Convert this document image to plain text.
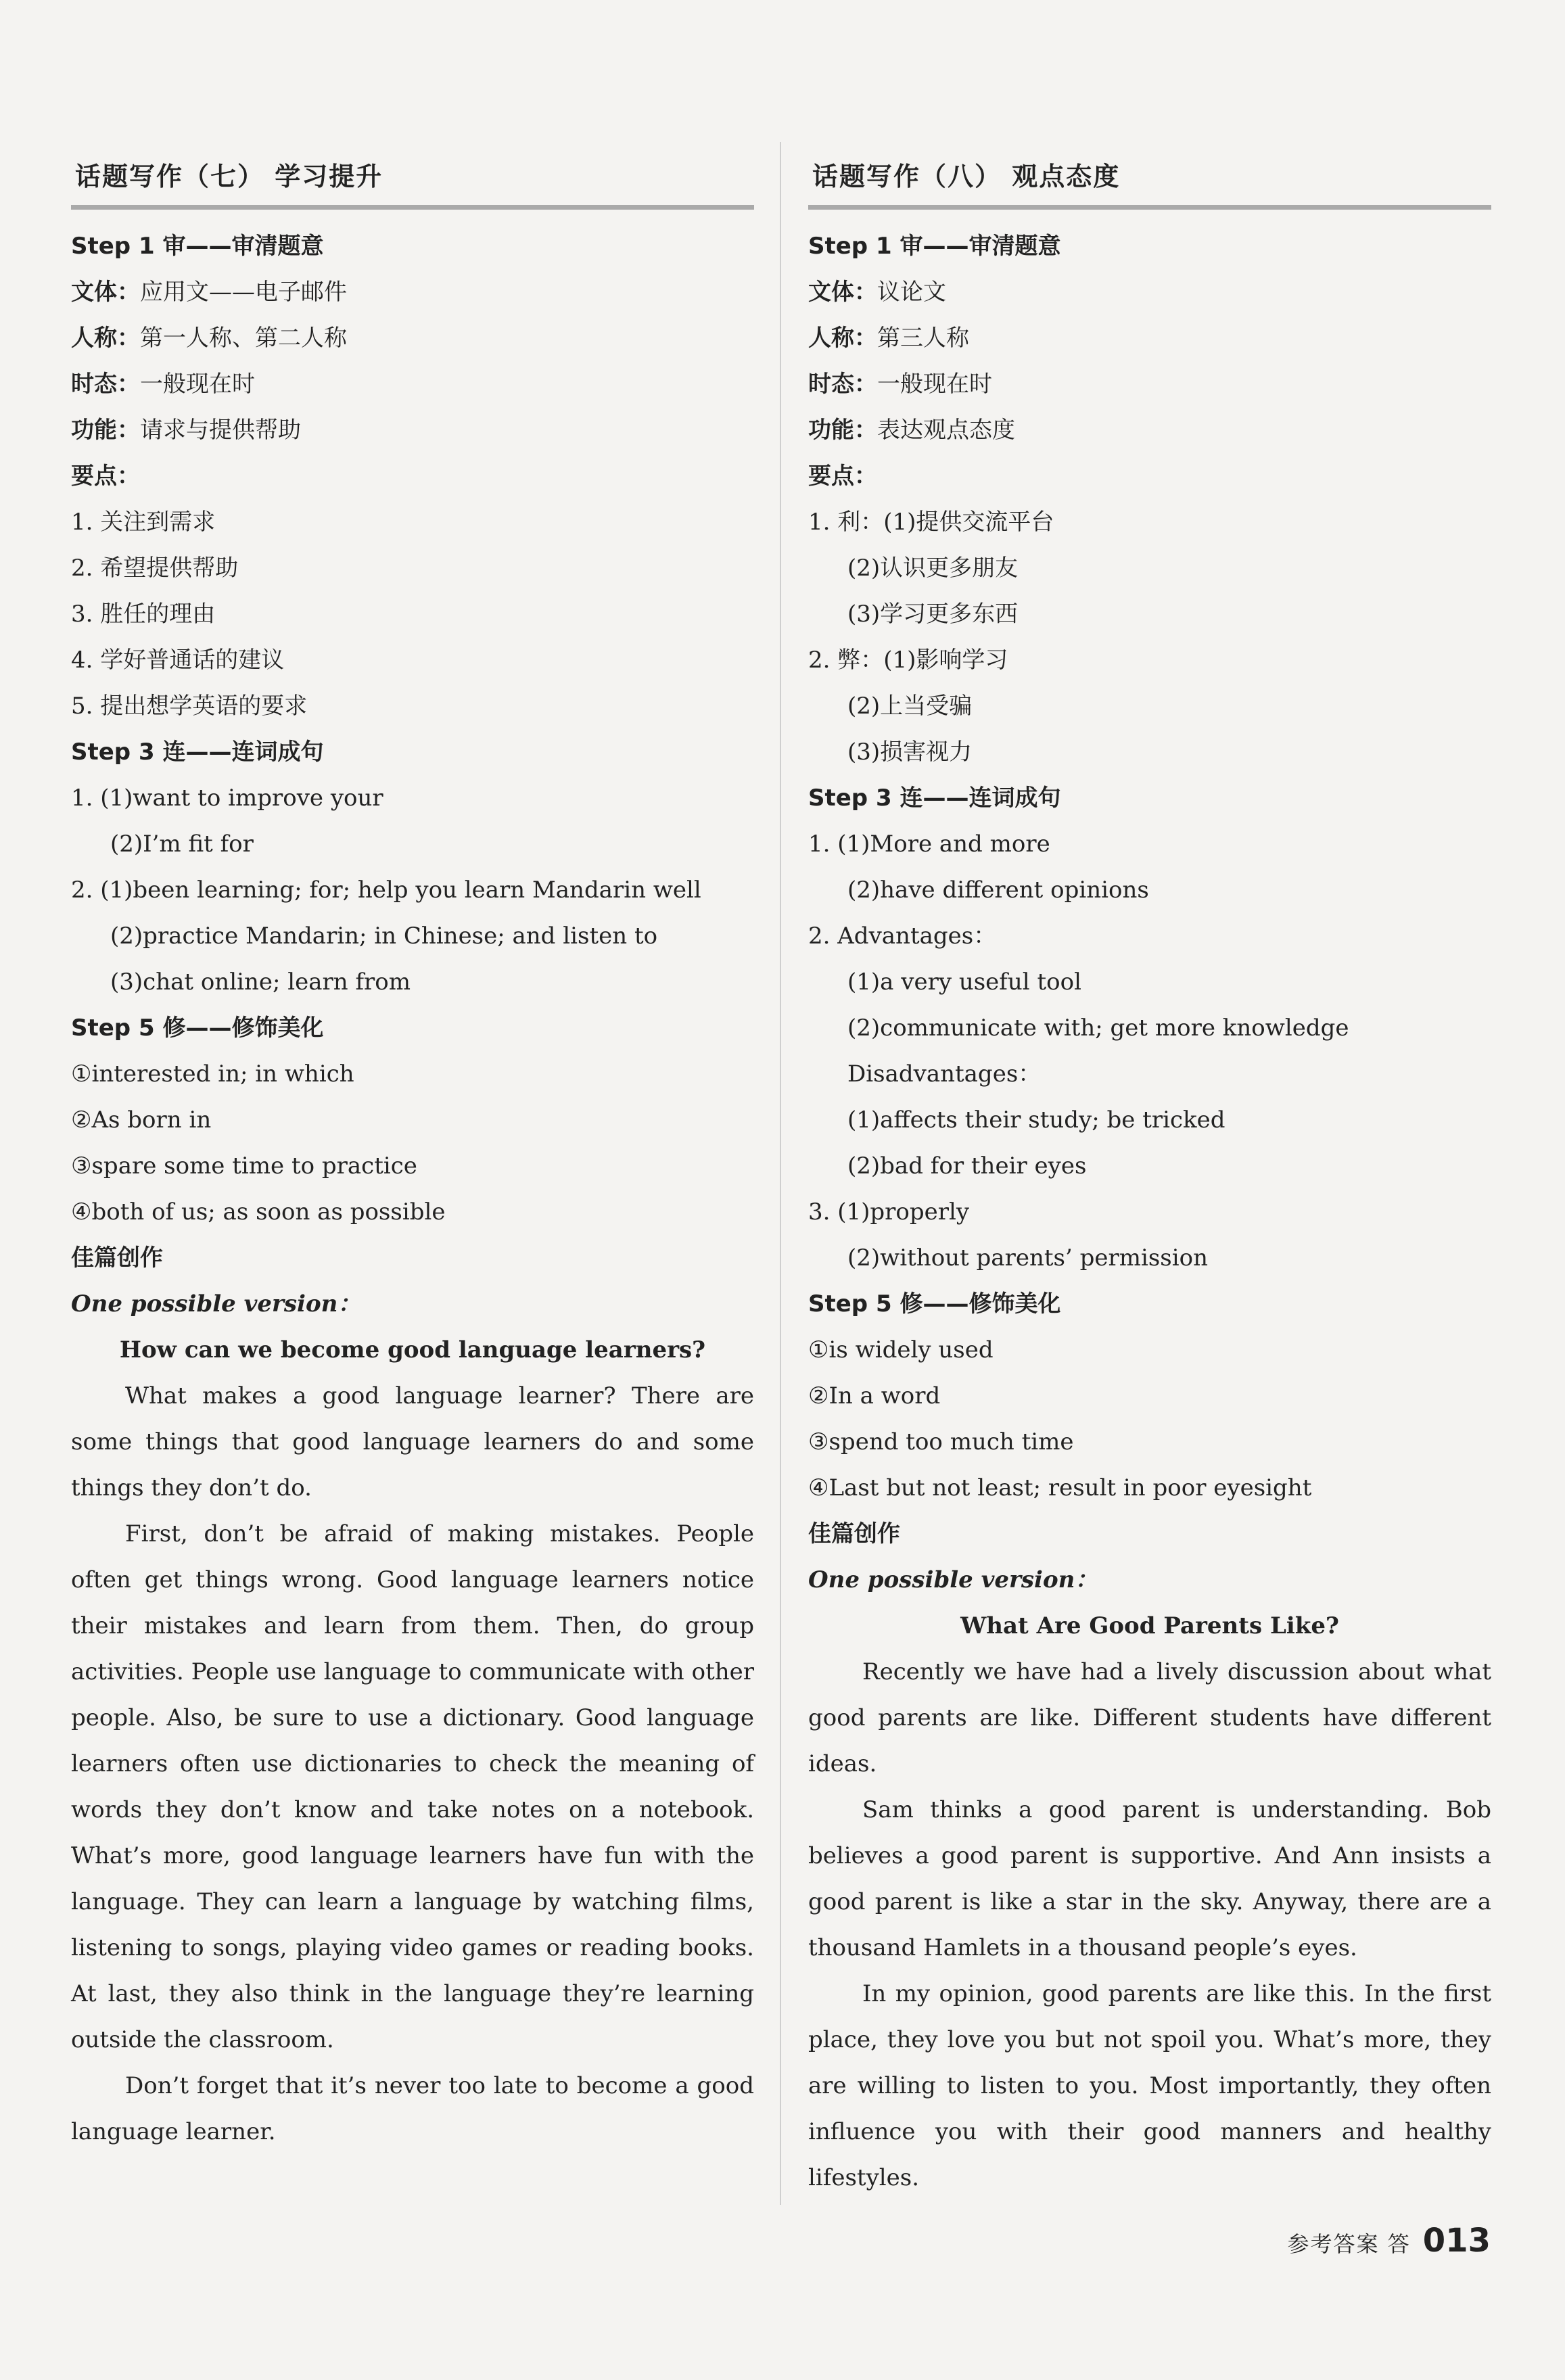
话题写作（七） 学习提升
Step 1 审——审清题意
文体：应用文——电子邮件
人称：第一人称、第二人称
时态：一般现在时
功能：请求与提供帮助
要点：
1. 关注到需求
2. 希望提供帮助
3. 胜任的理由
4. 学好普通话的建议
5. 提出想学英语的要求
Step 3 连——连词成句
1. (1)want to improve your
(2)I’m fit for
2. (1)been learning; for; help you learn Mandarin well
(2)practice Mandarin; in Chinese; and listen to
(3)chat online; learn from
Step 5 修——修饰美化
①interested in; in which
②As born in
③spare some time to practice
④both of us; as soon as possible
佳篇创作
One possible version：
How can we become good language learners?

What makes a good language learner? There are some things that good language learners do and some things they don’t do.

First, don’t be afraid of making mistakes. People often get things wrong. Good language learners notice their mistakes and learn from them. Then, do group activities. People use language to communicate with other people. Also, be sure to use a dictionary. Good language learners often use dictionaries to check the meaning of words they don’t know and take notes on a notebook. What’s more, good language learners have fun with the language. They can learn a language by watching films, listening to songs, playing video games or reading books. At last, they also think in the language they’re learning outside the classroom.

Don’t forget that it’s never too late to become a good language learner.

话题写作（八） 观点态度
Step 1 审——审清题意
文体：议论文
人称：第三人称
时态：一般现在时
功能：表达观点态度
要点：
1. 利：(1)提供交流平台
(2)认识更多朋友
(3)学习更多东西
2. 弊：(1)影响学习
(2)上当受骗
(3)损害视力
Step 3 连——连词成句
1. (1)More and more
(2)have different opinions
2. Advantages：
(1)a very useful tool
(2)communicate with; get more knowledge
Disadvantages：
(1)affects their study; be tricked
(2)bad for their eyes
3. (1)properly
(2)without parents’ permission
Step 5 修——修饰美化
①is widely used
②In a word
③spend too much time
④Last but not least; result in poor eyesight
佳篇创作
One possible version：
What Are Good Parents Like?

Recently we have had a lively discussion about what good parents are like. Different students have different ideas.

Sam thinks a good parent is understanding. Bob believes a good parent is supportive. And Ann insists a good parent is like a star in the sky. Anyway, there are a thousand Hamlets in a thousand people’s eyes.

In my opinion, good parents are like this. In the first place, they love you but not spoil you. What’s more, they are willing to listen to you. Most importantly, they often influence you with their good manners and healthy lifestyles.

参考答案 答 013
